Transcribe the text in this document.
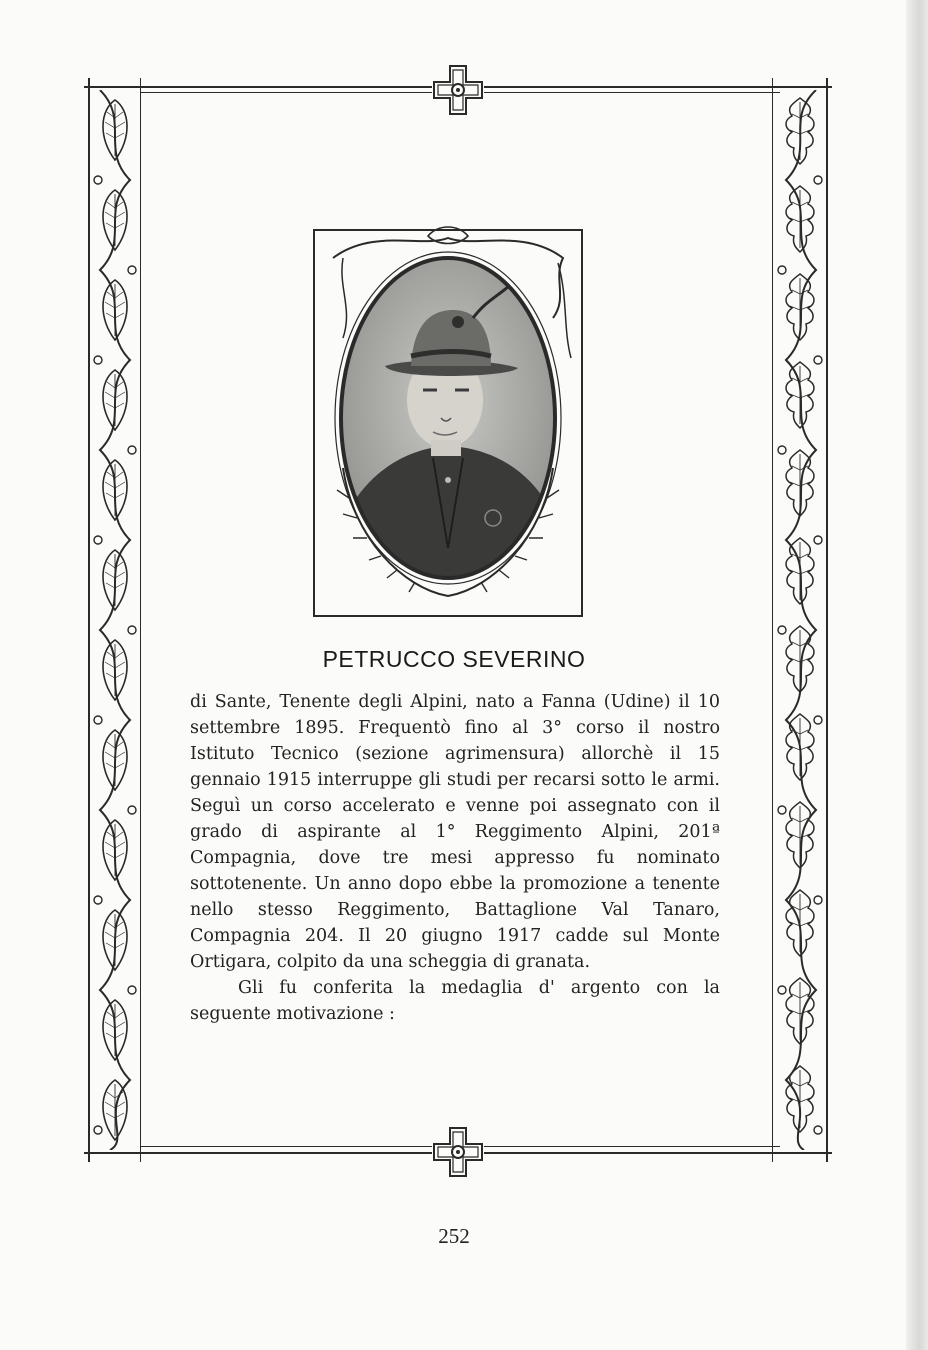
PETRUCCO SEVERINO

di Sante, Tenente degli Alpini, nato a Fanna (Udine) il 10 settembre 1895. Frequentò fino al 3° corso il nostro Istituto Tecnico (sezione agrimensura) allorchè il 15 gennaio 1915 interruppe gli studi per recarsi sotto le armi. Seguì un corso accelerato e venne poi assegnato con il grado di aspirante al 1° Reggimento Alpini, 201ª Compagnia, dove tre mesi appresso fu nominato sottotenente. Un anno dopo ebbe la promozione a tenente nello stesso Reggimento, Battaglione Val Tanaro, Compagnia 204. Il 20 giugno 1917 cadde sul Monte Ortigara, colpito da una scheggia di granata.

Gli fu conferita la medaglia d' argento con la seguente motivazione :

252
